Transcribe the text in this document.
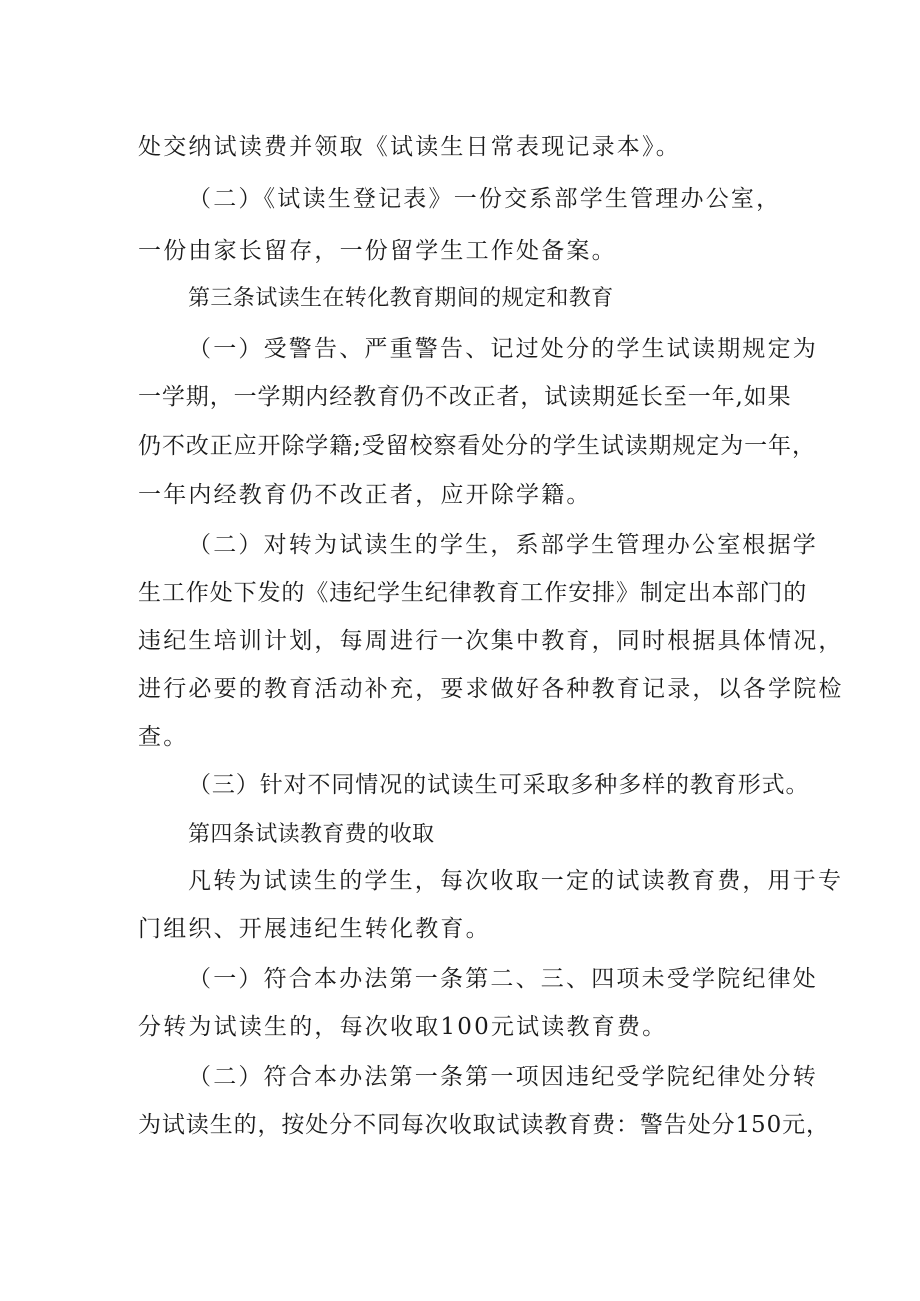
处交纳试读费并领取《试读生日常表现记录本》。
（二）《试读生登记表》一份交系部学生管理办公室，
一份由家长留存，一份留学生工作处备案。
第三条试读生在转化教育期间的规定和教育
（一）受警告、严重警告、记过处分的学生试读期规定为
一学期，一学期内经教育仍不改正者，试读期延长至一年,如果
仍不改正应开除学籍;受留校察看处分的学生试读期规定为一年，
一年内经教育仍不改正者，应开除学籍。
（二）对转为试读生的学生，系部学生管理办公室根据学
生工作处下发的《违纪学生纪律教育工作安排》制定出本部门的
违纪生培训计划，每周进行一次集中教育，同时根据具体情况，
进行必要的教育活动补充，要求做好各种教育记录，以各学院检
查。
（三）针对不同情况的试读生可采取多种多样的教育形式。
第四条试读教育费的收取
凡转为试读生的学生，每次收取一定的试读教育费，用于专
门组织、开展违纪生转化教育。
（一）符合本办法第一条第二、三、四项未受学院纪律处
分转为试读生的，每次收取100元试读教育费。
（二）符合本办法第一条第一项因违纪受学院纪律处分转
为试读生的，按处分不同每次收取试读教育费：警告处分150元，
